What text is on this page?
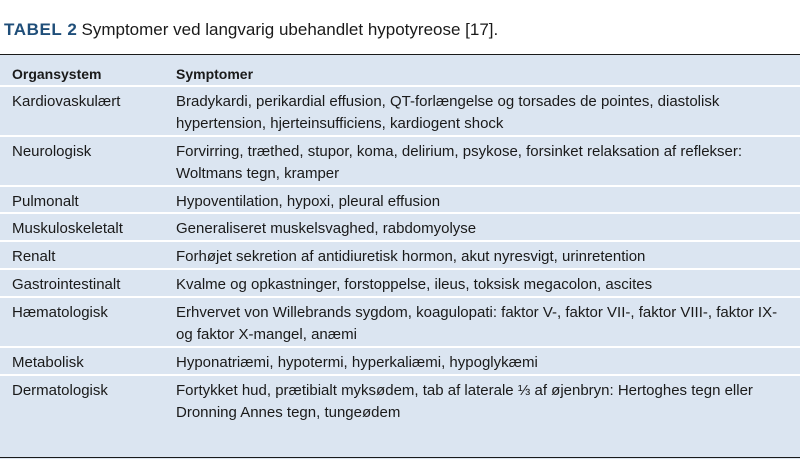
TABEL 2 Symptomer ved langvarig ubehandlet hypotyreose [17].
Organsystem	Symptomer
Kardiovaskulært	Bradykardi, perikardial effusion, QT-forlængelse og torsades de pointes, diastolisk hypertension, hjerteinsufficiens, kardiogent shock
Neurologisk	Forvirring, træthed, stupor, koma, delirium, psykose, forsinket relaksation af reflekser: Woltmans tegn, kramper
Pulmonalt	Hypoventilation, hypoxi, pleural effusion
Muskuloskeletalt	Generaliseret muskelsvaghed, rabdomyolyse
Renalt	Forhøjet sekretion af antidiuretisk hormon, akut nyresvigt, urinretention
Gastrointestinalt	Kvalme og opkastninger, forstoppelse, ileus, toksisk megacolon, ascites
Hæmatologisk	Erhvervet von Willebrands sygdom, koagulopati: faktor V-, faktor VII-, faktor VIII-, faktor IX- og faktor X-mangel, anæmi
Metabolisk	Hyponatriæmi, hypotermi, hyperkaliæmi, hypoglykæmi
Dermatologisk	Fortykket hud, prætibialt myksødem, tab af laterale ⅓ af øjenbryn: Hertoghes tegn eller Dronning Annes tegn, tungeødem
